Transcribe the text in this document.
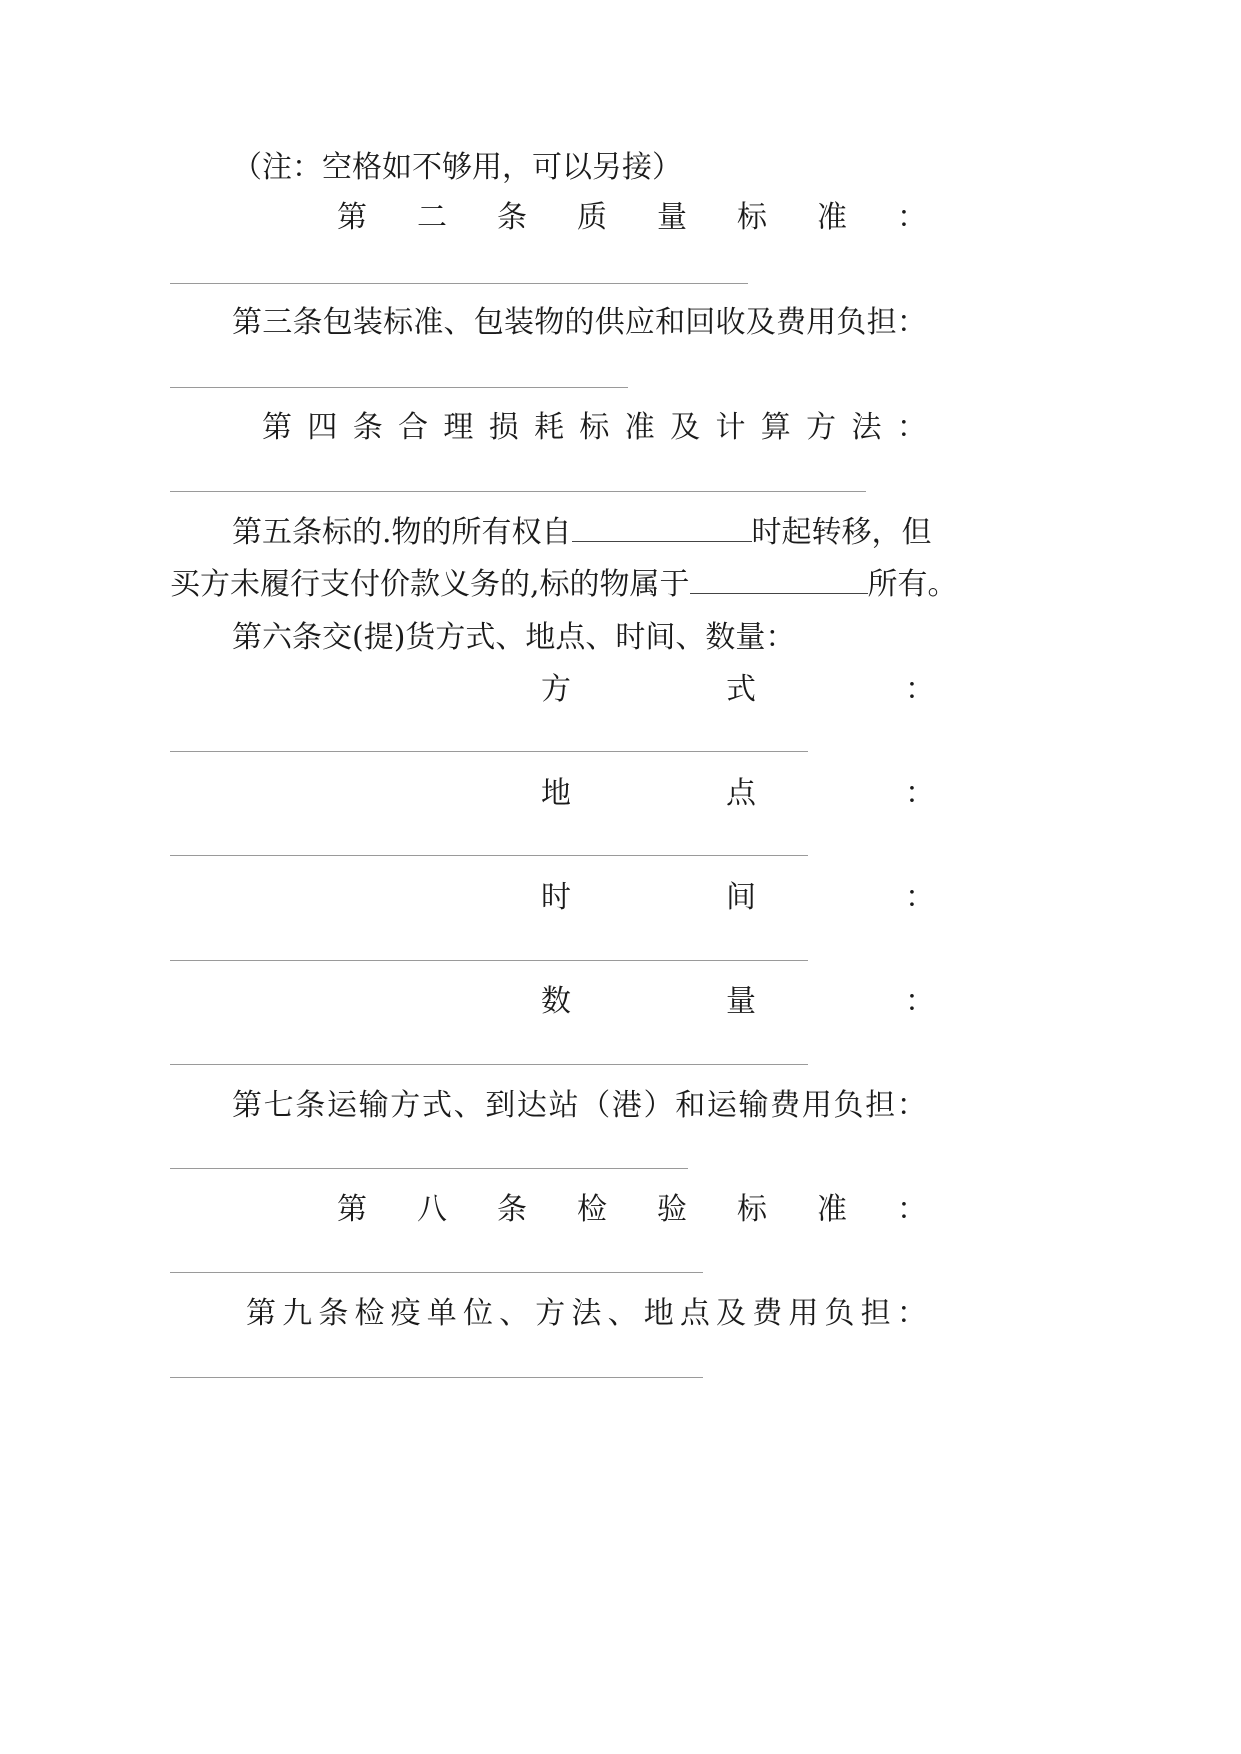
（注：空格如不够用，可以另接）
第 二 条 质 量 标 准 ：
第 三 条 包 装 标 准 、 包 装 物 的 供 应 和 回 收 及 费 用 负 担 ：
第 四 条 合 理 损 耗 标 准 及 计 算 方 法 ：
第五条标的.物的所有权自	时起转移，但
买方未履行支付价款义务的,标的物属于	所有。
第六条交(提)货方式、地点、时间、数量：
方	式	：
地	点	：
时	间	：
数	量	：
第 七 条 运 输 方 式 、 到 达 站 （ 港 ） 和 运 输 费 用 负 担 ：
第 八 条 检 验 标 准 ：
第 九 条 检 疫 单 位 、 方 法 、 地 点 及 费 用 负 担 ：
